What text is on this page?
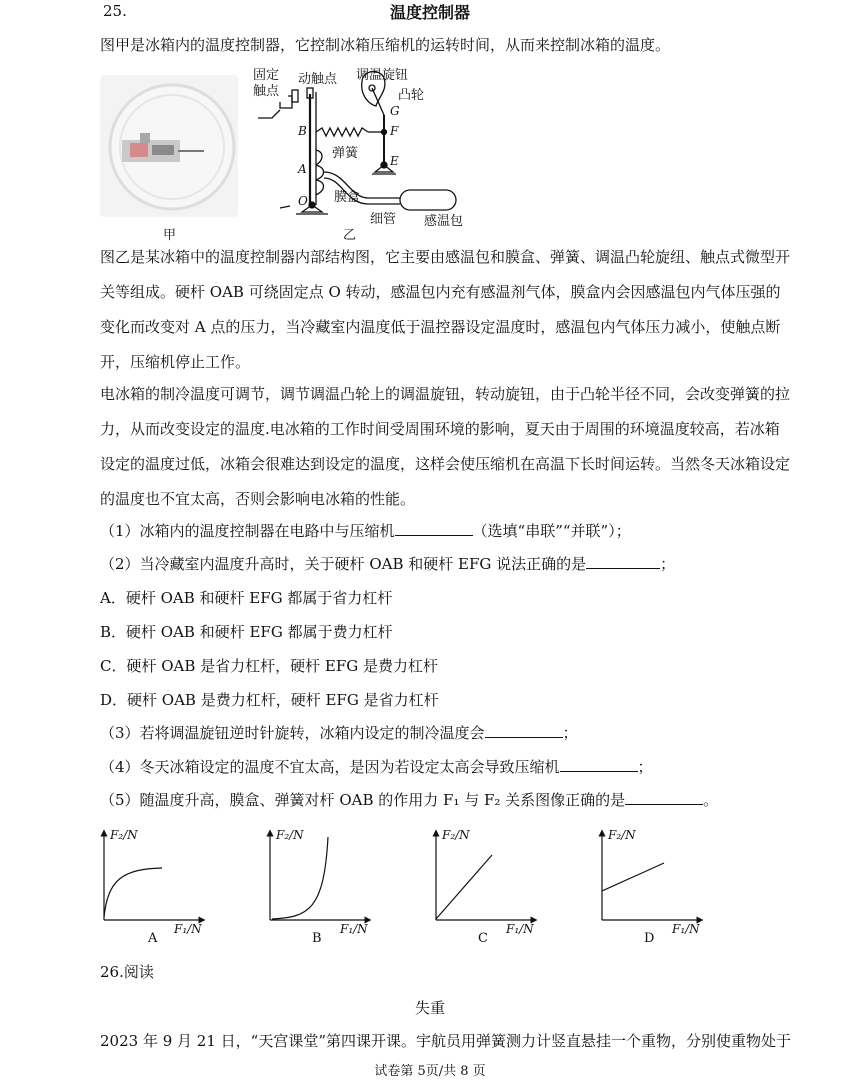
25.	温度控制器
图甲是冰箱内的温度控制器，它控制冰箱压缩机的运转时间，从而来控制冰箱的温度。
甲
固定触点
动触点 调温旋钮
凸轮
弹簧
膜盒
细管 感温包
B
A
O
G
F
E
乙
图乙是某冰箱中的温度控制器内部结构图，它主要由感温包和膜盒、弹簧、调温凸轮旋纽、触点式微型开关等组成。硬杆 OAB 可绕固定点 O 转动，感温包内充有感温剂气体，膜盒内会因感温包内气体压强的变化而改变对 A 点的压力，当冷藏室内温度低于温控器设定温度时，感温包内气体压力减小，使触点断开，压缩机停止工作。
电冰箱的制冷温度可调节，调节调温凸轮上的调温旋钮，转动旋钮，由于凸轮半径不同，会改变弹簧的拉力，从而改变设定的温度.电冰箱的工作时间受周围环境的影响，夏天由于周围的环境温度较高，若冰箱设定的温度过低，冰箱会很难达到设定的温度，这样会使压缩机在高温下长时间运转。当然冬天冰箱设定的温度也不宜太高，否则会影响电冰箱的性能。
（1）冰箱内的温度控制器在电路中与压缩机	（选填“串联”“并联”）；
（2）当冷藏室内温度升高时，关于硬杆 OAB 和硬杆 EFG 说法正确的是	；
A．硬杆 OAB 和硬杆 EFG 都属于省力杠杆
B．硬杆 OAB 和硬杆 EFG 都属于费力杠杆
C．硬杆 OAB 是省力杠杆，硬杆 EFG 是费力杠杆
D．硬杆 OAB 是费力杠杆，硬杆 EFG 是省力杠杆
（3）若将调温旋钮逆时针旋转，冰箱内设定的制冷温度会	；
（4）冬天冰箱设定的温度不宜太高，是因为若设定太高会导致压缩机	；
（5）随温度升高，膜盒、弹簧对杆 OAB 的作用力 F₁ 与 F₂ 关系图像正确的是	。
F₂/N
F₁/N
A
F₂/N
F₁/N
B
F₂/N
F₁/N
C
F₂/N
F₁/N
D
26.阅读
失重
2023 年 9 月 21 日，“天宫课堂”第四课开课。宇航员用弹簧测力计竖直悬挂一个重物，分别使重物处于
试卷第 5页/共 8 页
